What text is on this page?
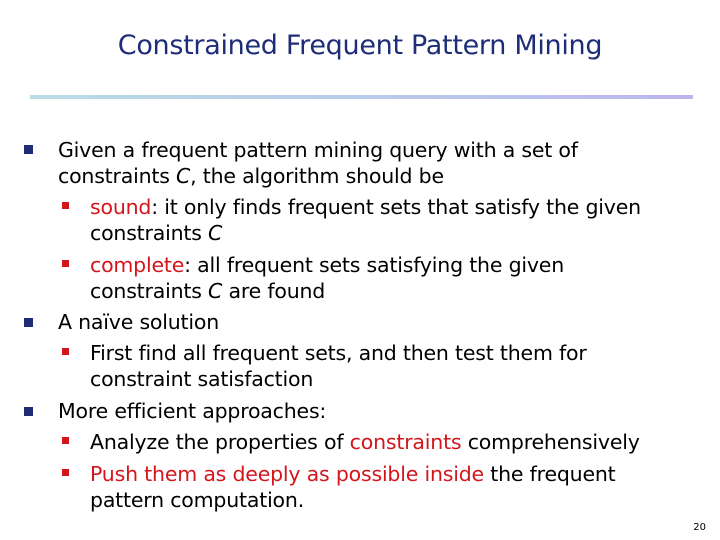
Constrained Frequent Pattern Mining
Given a frequent pattern mining query with a set of
constraints C, the algorithm should be
sound: it only finds frequent sets that satisfy the given
constraints C
complete: all frequent sets satisfying the given
constraints C are found
A naïve solution
First find all frequent sets, and then test them for
constraint satisfaction
More efficient approaches:
Analyze the properties of constraints comprehensively
Push them as deeply as possible inside the frequent
pattern computation.
20
